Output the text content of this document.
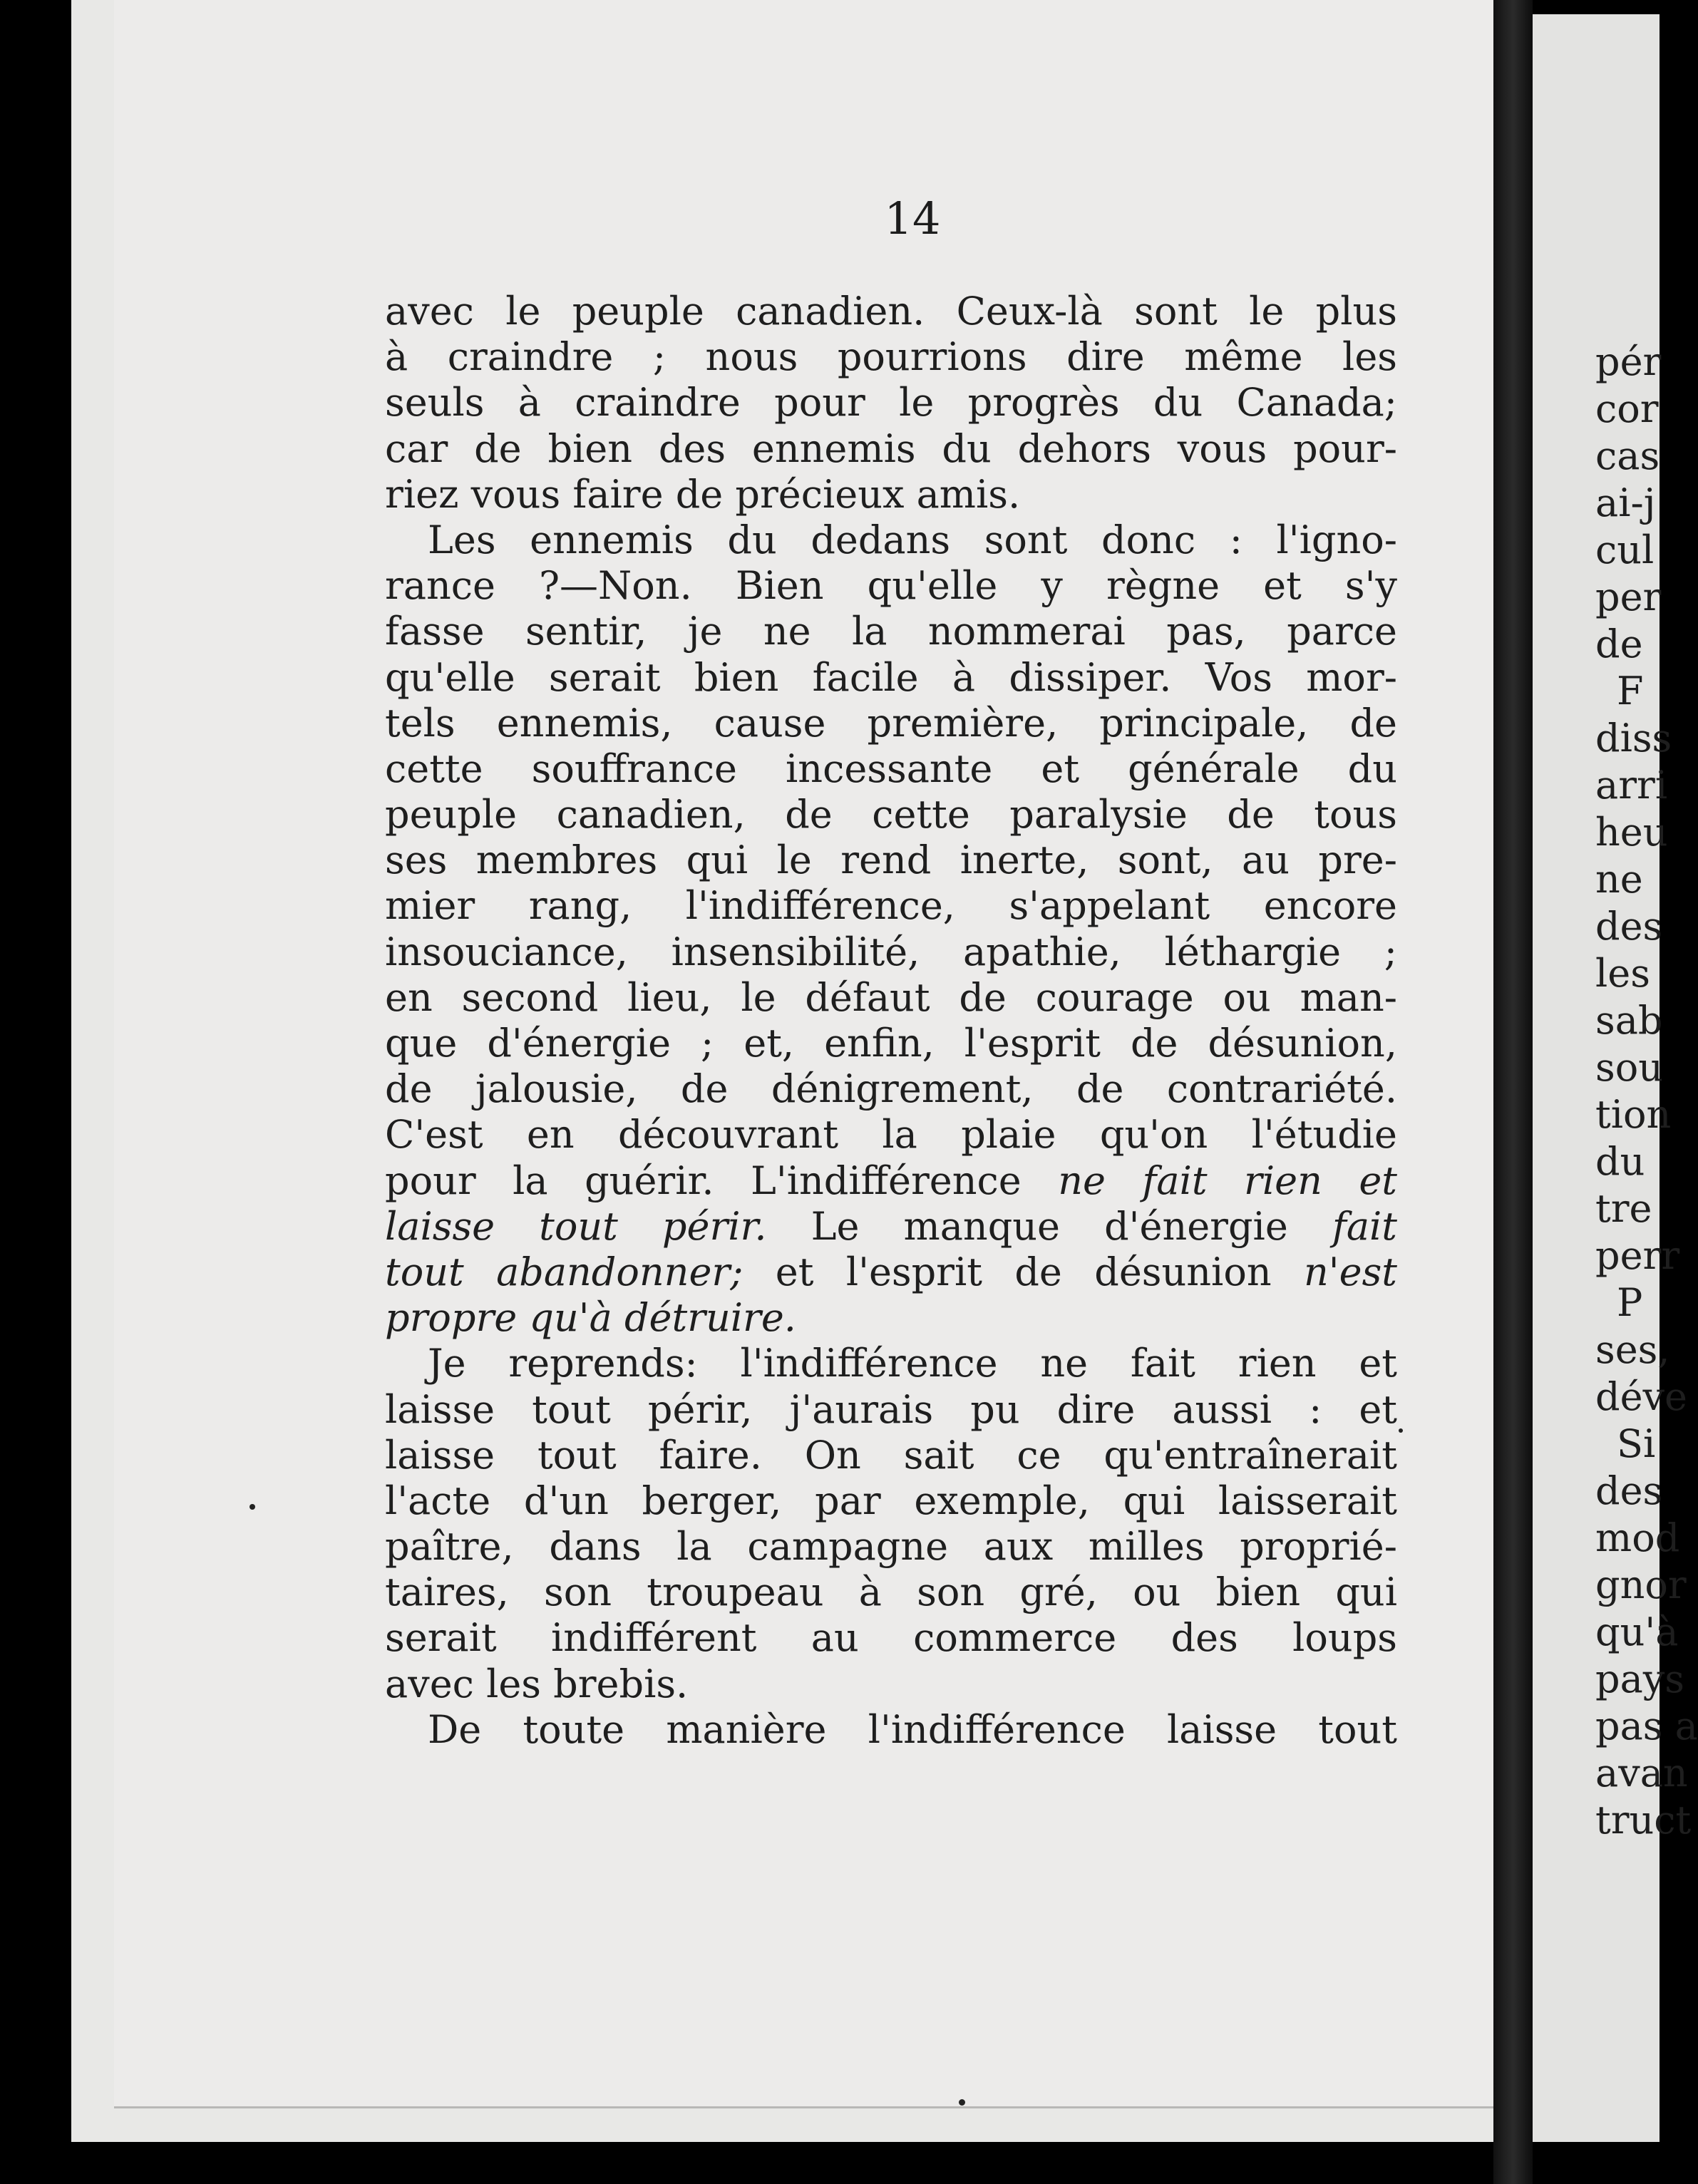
14
avec le peuple canadien. Ceux-là sont le plus
à craindre ; nous pourrions dire même les
seuls à craindre pour le progrès du Canada;
car de bien des ennemis du dehors vous pour-
riez vous faire de précieux amis.
Les ennemis du dedans sont donc : l'igno-
rance ?—Non. Bien qu'elle y règne et s'y
fasse sentir, je ne la nommerai pas, parce
qu'elle serait bien facile à dissiper. Vos mor-
tels ennemis, cause première, principale, de
cette souffrance incessante et générale du
peuple canadien, de cette paralysie de tous
ses membres qui le rend inerte, sont, au pre-
mier rang, l'indifférence, s'appelant encore
insouciance, insensibilité, apathie, léthargie ;
en second lieu, le défaut de courage ou man-
que d'énergie ; et, enfin, l'esprit de désunion,
de jalousie, de dénigrement, de contrariété.
C'est en découvrant la plaie qu'on l'étudie
pour la guérir. L'indifférence ne fait rien et
laisse tout périr. Le manque d'énergie fait
tout abandonner; et l'esprit de désunion n'est
propre qu'à détruire.
Je reprends: l'indifférence ne fait rien et
laisse tout périr, j'aurais pu dire aussi : et
laisse tout faire. On sait ce qu'entraînerait
l'acte d'un berger, par exemple, qui laisserait
paître, dans la campagne aux milles proprié-
taires, son troupeau à son gré, ou bien qui
serait indifférent au commerce des loups
avec les brebis.
De toute manière l'indifférence laisse tout
pér
cor
cas
ai-j
cul
per
de
F
diss
arri
heu
ne
des
les
sab
sou
tion
du
tre
perr
P
ses,
déve
Si
des
mod
gnor
qu'à
pays
pas a
avan
truct
